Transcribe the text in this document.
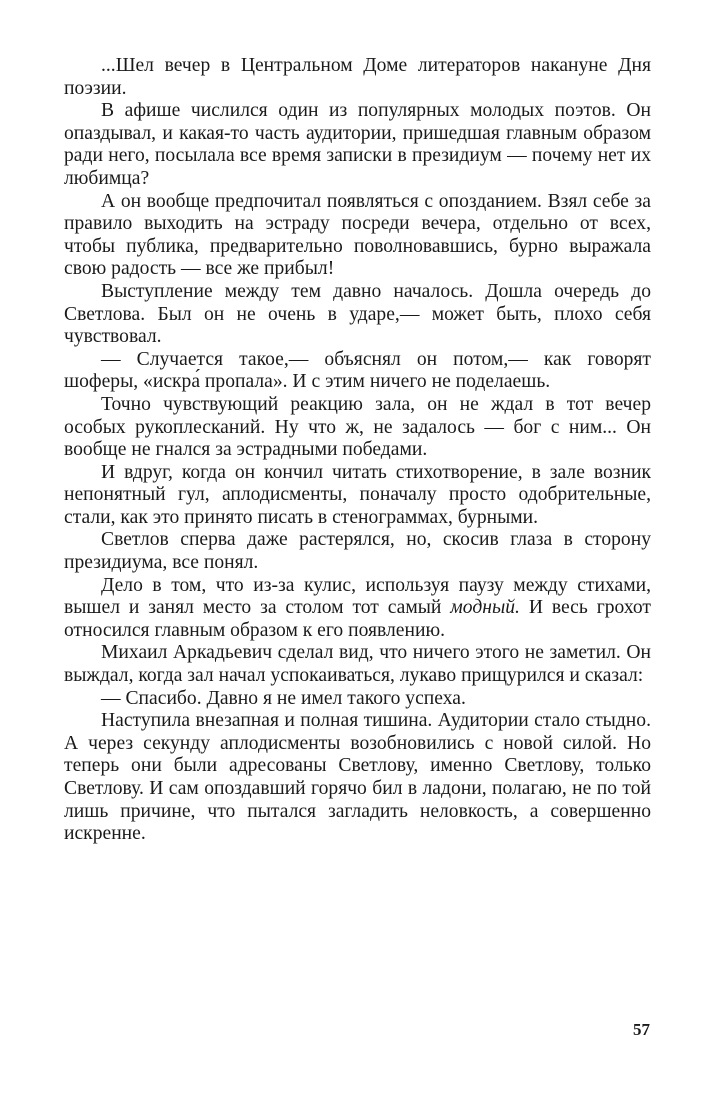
...Шел вечер в Центральном Доме литераторов накануне Дня поэзии.

В афише числился один из популярных молодых поэтов. Он опаздывал, и какая-то часть аудитории, пришедшая главным образом ради него, посылала все время записки в президиум — почему нет их любимца?

А он вообще предпочитал появляться с опозданием. Взял себе за правило выходить на эстраду посреди вечера, отдельно от всех, чтобы публика, предварительно поволновавшись, бурно выражала свою радость — все же прибыл!

Выступление между тем давно началось. Дошла очередь до Светлова. Был он не очень в ударе,— может быть, плохо себя чувствовал.

— Случается такое,— объяснял он потом,— как говорят шоферы, «искра́ пропала». И с этим ничего не поделаешь.

Точно чувствующий реакцию зала, он не ждал в тот вечер особых рукоплесканий. Ну что ж, не задалось — бог с ним... Он вообще не гнался за эстрадными победами.

И вдруг, когда он кончил читать стихотворение, в зале возник непонятный гул, аплодисменты, поначалу просто одобрительные, стали, как это принято писать в стенограммах, бурными.

Светлов сперва даже растерялся, но, скосив глаза в сторону президиума, все понял.

Дело в том, что из-за кулис, используя паузу между стихами, вышел и занял место за столом тот самый модный. И весь грохот относился главным образом к его появлению.

Михаил Аркадьевич сделал вид, что ничего этого не заметил. Он выждал, когда зал начал успокаиваться, лукаво прищурился и сказал:

— Спасибо. Давно я не имел такого успеха.

Наступила внезапная и полная тишина. Аудитории стало стыдно. А через секунду аплодисменты возобновились с новой силой. Но теперь они были адресованы Светлову, именно Светлову, только Светлову. И сам опоздавший горячо бил в ладони, полагаю, не по той лишь причине, что пытался загладить неловкость, а совершенно искренне.

57
